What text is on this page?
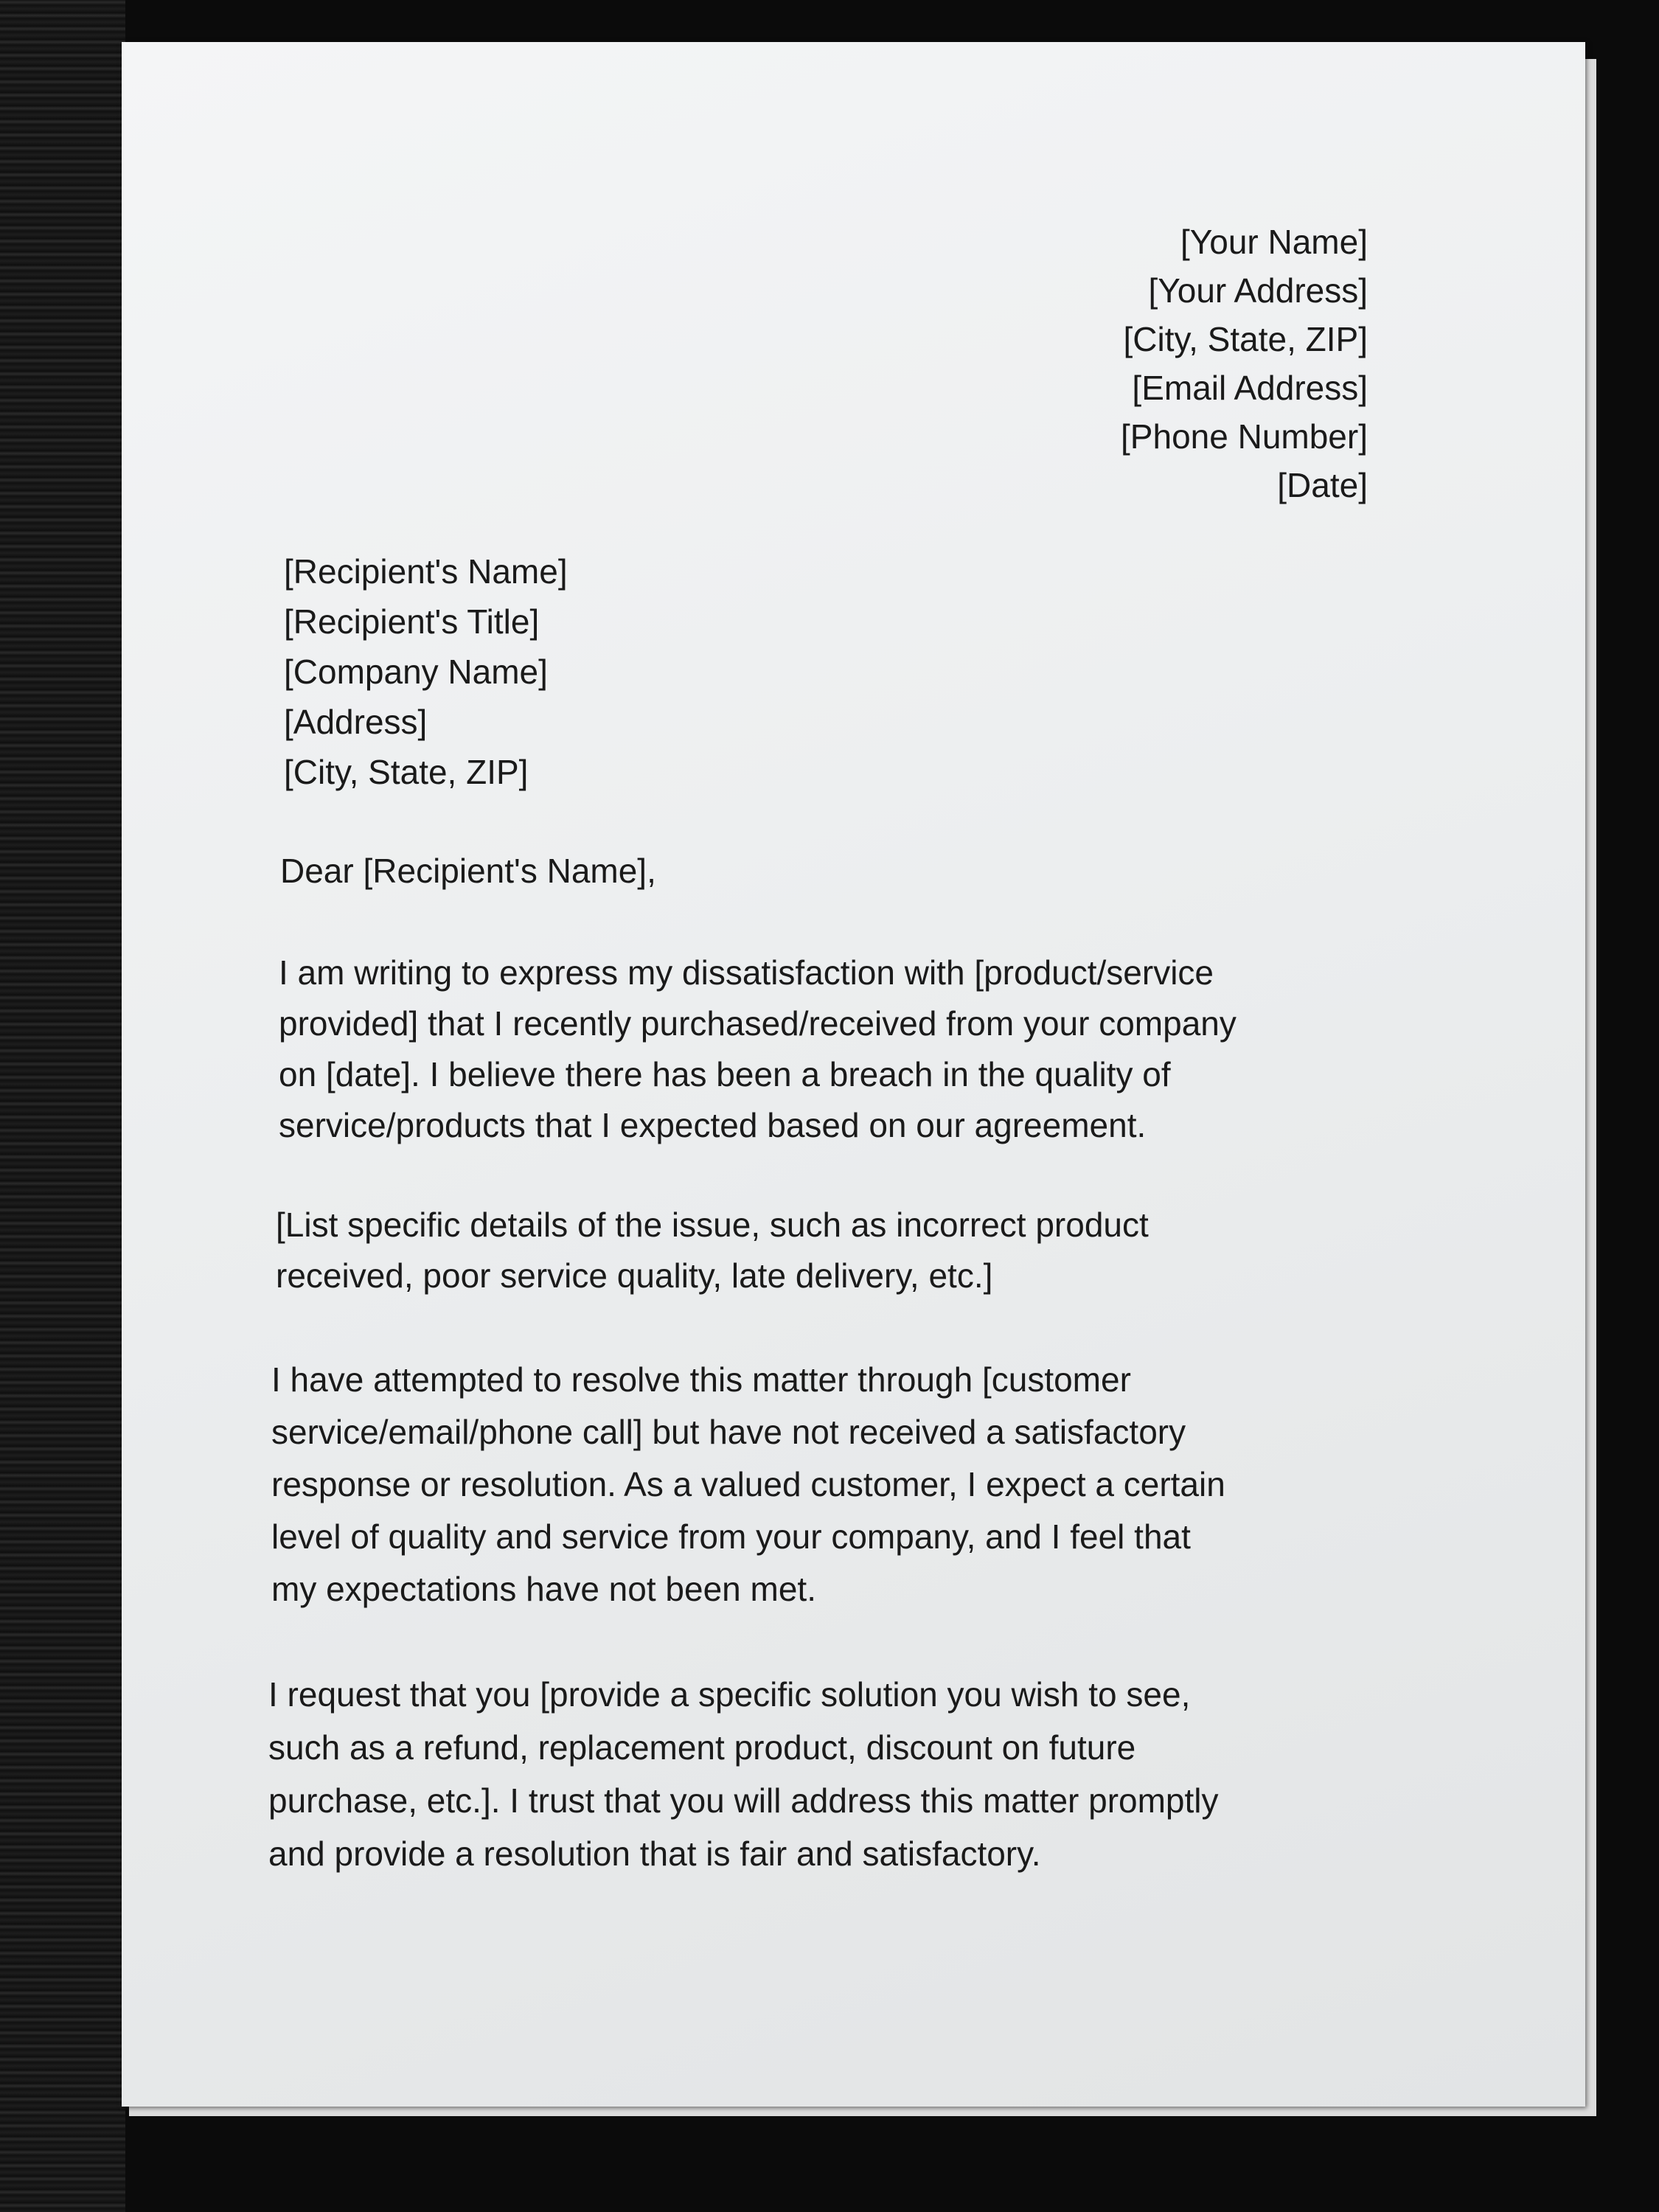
[Your Name]
[Your Address]
[City, State, ZIP]
[Email Address]
[Phone Number]
[Date]
[Recipient's Name]
[Recipient's Title]
[Company Name]
[Address]
[City, State, ZIP]
Dear [Recipient's Name],
I am writing to express my dissatisfaction with [product/service
provided] that I recently purchased/received from your company
on [date]. I believe there has been a breach in the quality of
service/products that I expected based on our agreement.
[List specific details of the issue, such as incorrect product
received, poor service quality, late delivery, etc.]
I have attempted to resolve this matter through [customer
service/email/phone call] but have not received a satisfactory
response or resolution. As a valued customer, I expect a certain
level of quality and service from your company, and I feel that
my expectations have not been met.
I request that you [provide a specific solution you wish to see,
such as a refund, replacement product, discount on future
purchase, etc.]. I trust that you will address this matter promptly
and provide a resolution that is fair and satisfactory.
